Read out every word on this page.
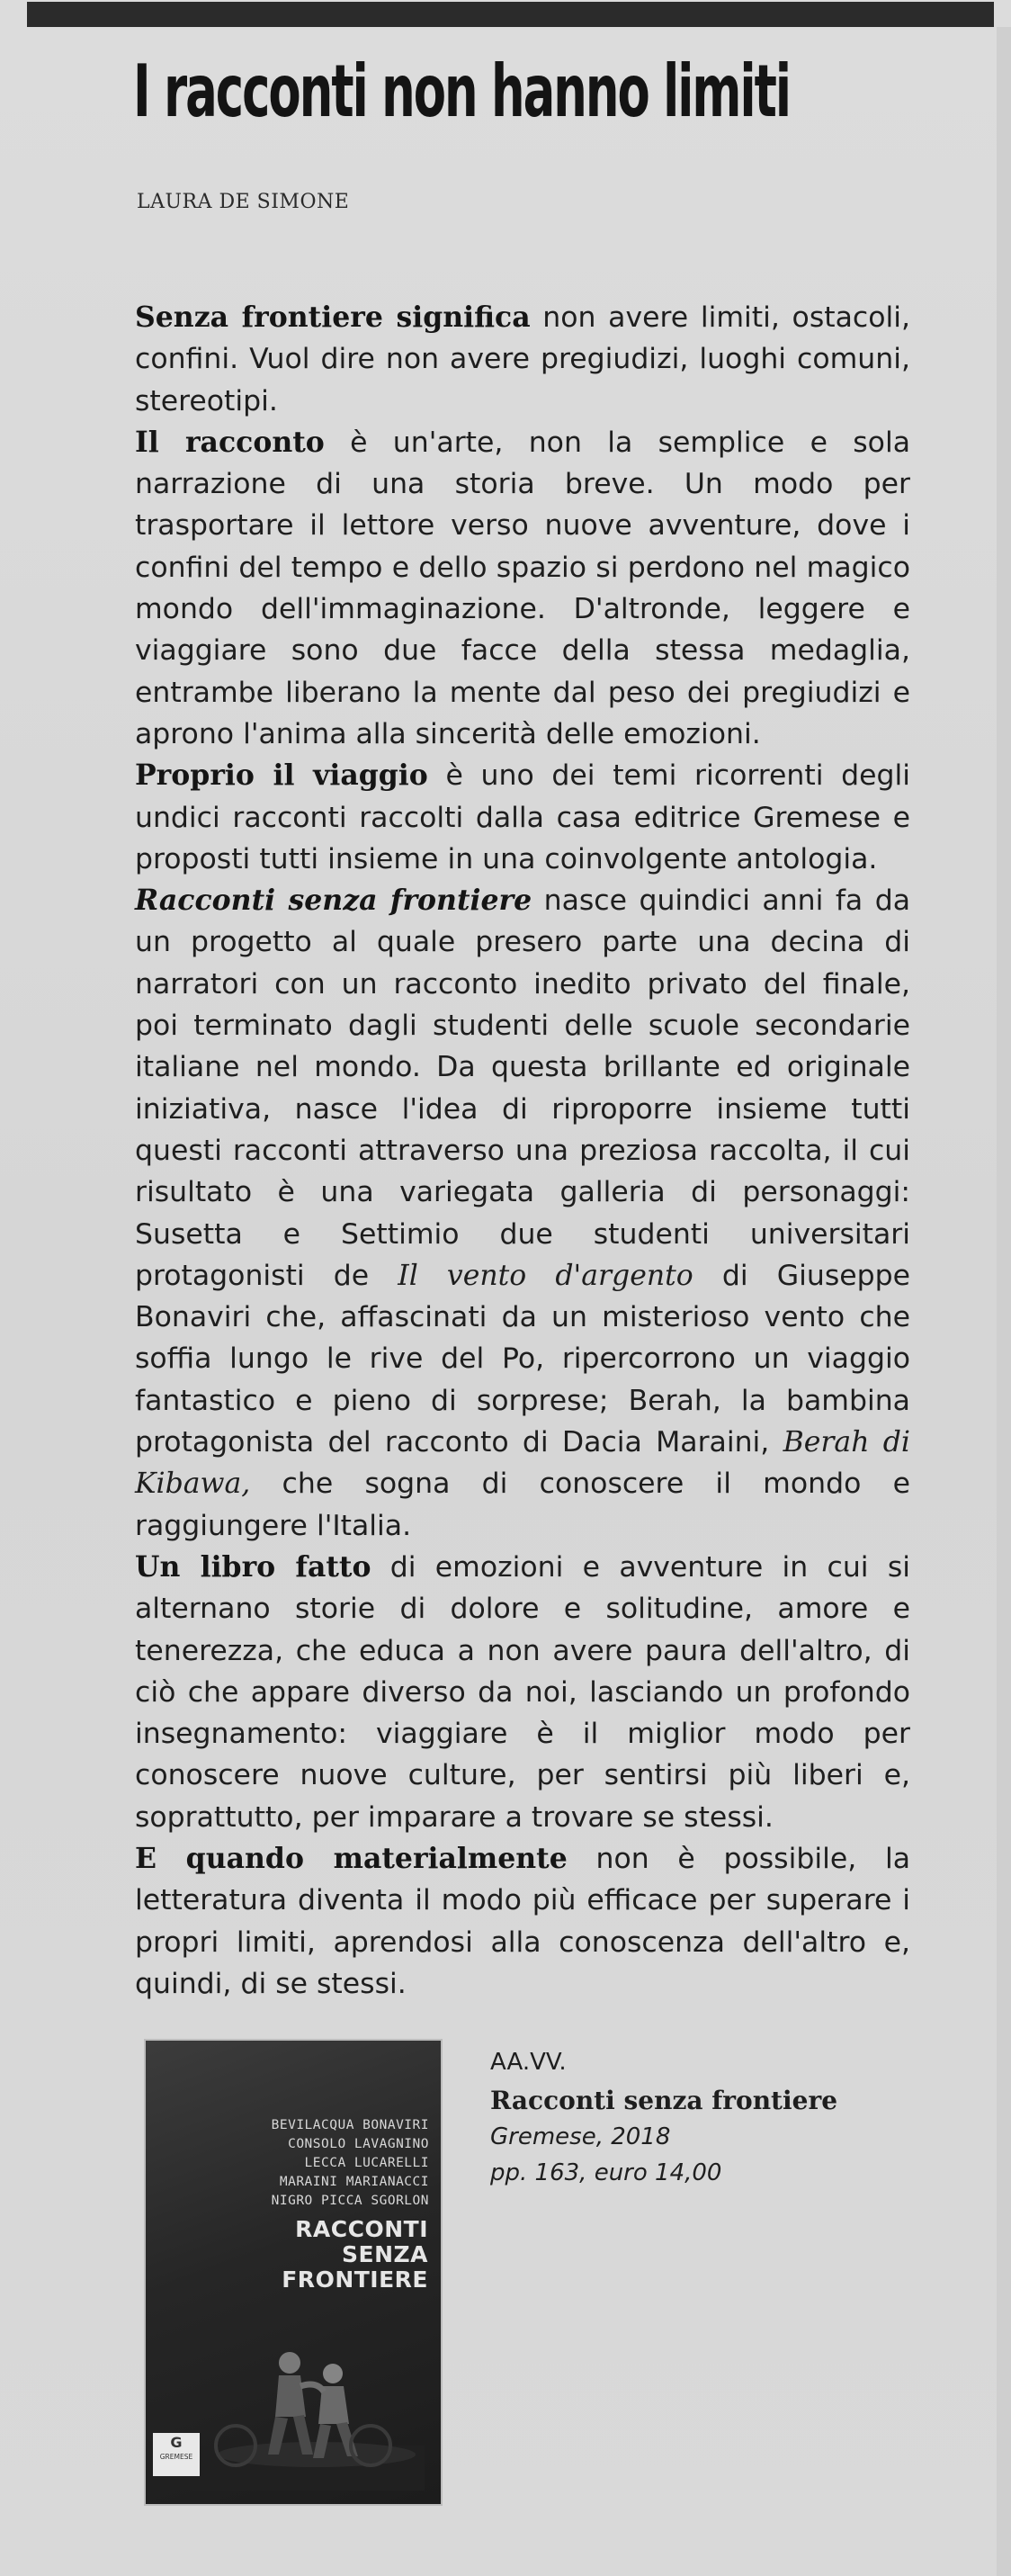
I racconti non hanno limiti
LAURA DE SIMONE

Senza frontiere significa non avere limiti, ostacoli, confini. Vuol dire non avere pregiudizi, luoghi comuni, stereotipi.

Il racconto è un'arte, non la semplice e sola narrazione di una storia breve. Un modo per trasportare il lettore verso nuove avventure, dove i confini del tempo e dello spazio si perdono nel magico mondo dell'immaginazione. D'altronde, leggere e viaggiare sono due facce della stessa medaglia, entrambe liberano la mente dal peso dei pregiudizi e aprono l'anima alla sincerità delle emozioni.

Proprio il viaggio è uno dei temi ricorrenti degli undici racconti raccolti dalla casa editrice Gremese e proposti tutti insieme in una coinvolgente antologia.

Racconti senza frontiere nasce quindici anni fa da un progetto al quale presero parte una decina di narratori con un racconto inedito privato del finale, poi terminato dagli studenti delle scuole secondarie italiane nel mondo. Da questa brillante ed originale iniziativa, nasce l'idea di riproporre insieme tutti questi racconti attraverso una preziosa raccolta, il cui risultato è una variegata galleria di personaggi: Susetta e Settimio due studenti universitari protagonisti de Il vento d'argento di Giuseppe Bonaviri che, affascinati da un misterioso vento che soffia lungo le rive del Po, ripercorrono un viaggio fantastico e pieno di sorprese; Berah, la bambina protagonista del racconto di Dacia Maraini, Berah di Kibawa, che sogna di conoscere il mondo e raggiungere l'Italia.

Un libro fatto di emozioni e avventure in cui si alternano storie di dolore e solitudine, amore e tenerezza, che educa a non avere paura dell'altro, di ciò che appare diverso da noi, lasciando un profondo insegnamento: viaggiare è il miglior modo per conoscere nuove culture, per sentirsi più liberi e, soprattutto, per imparare a trovare se stessi.

E quando materialmente non è possibile, la letteratura diventa il modo più efficace per superare i propri limiti, aprendosi alla conoscenza dell'altro e, quindi, di se stessi.

BEVILACQUA BONAVIRI
CONSOLO LAVAGNINO
LECCA LUCARELLI
MARAINI MARIANACCI
NIGRO PICCA SGORLON
RACCONTI
SENZA
FRONTIERE
G
GREMESE
AA.VV.
Racconti senza frontiere
Gremese, 2018
pp. 163, euro 14,00
